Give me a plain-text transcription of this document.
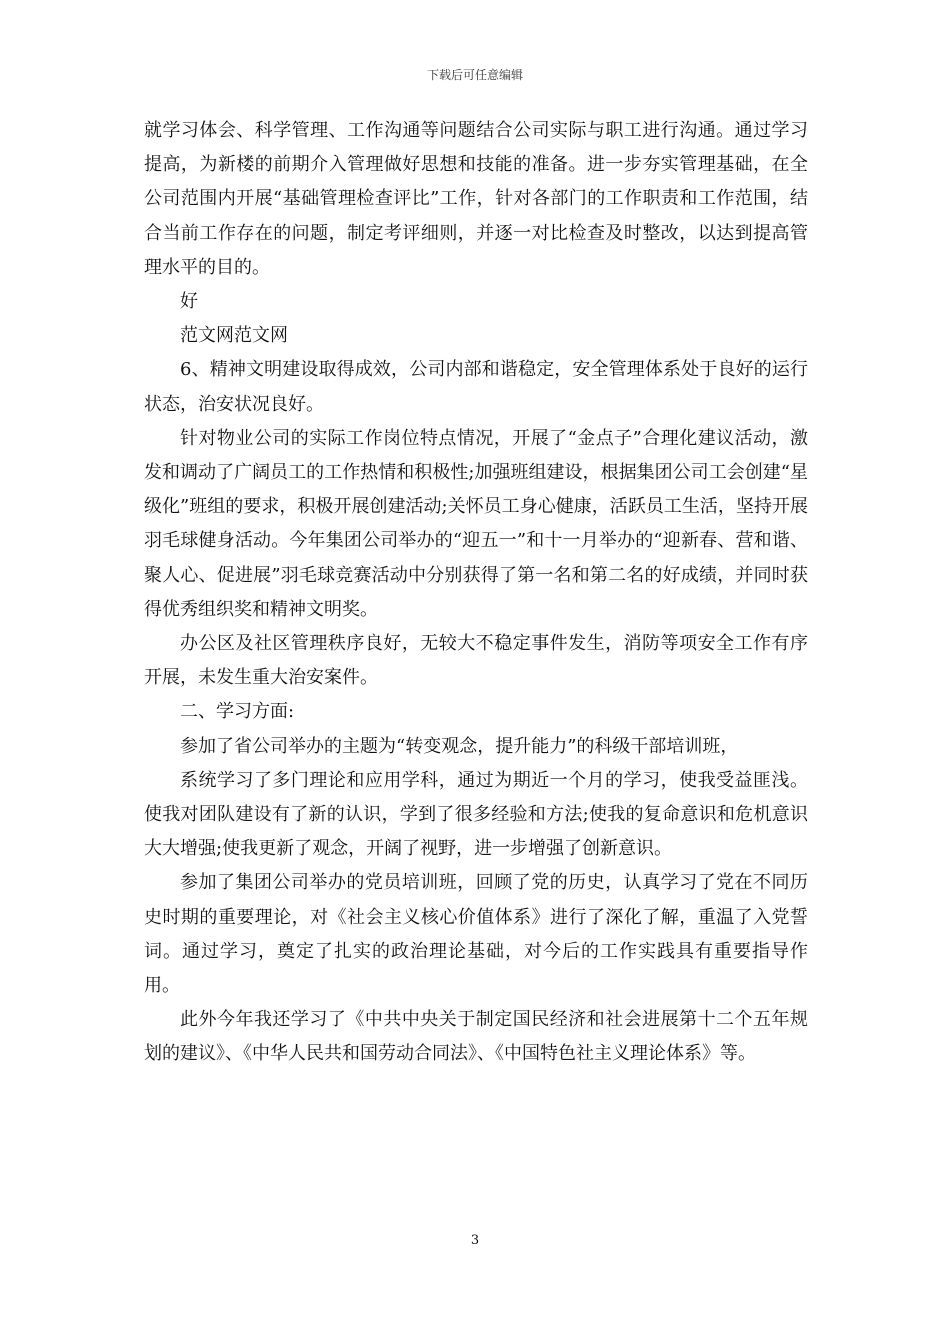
下载后可任意编辑

就学习体会、科学管理、工作沟通等问题结合公司实际与职工进行沟通。通过学习提高，为新楼的前期介入管理做好思想和技能的准备。进一步夯实管理基础，在全公司范围内开展“基础管理检查评比”工作，针对各部门的工作职责和工作范围，结合当前工作存在的问题，制定考评细则，并逐一对比检查及时整改，以达到提高管理水平的目的。

好

范文网范文网

6、精神文明建设取得成效，公司内部和谐稳定，安全管理体系处于良好的运行状态，治安状况良好。

针对物业公司的实际工作岗位特点情况，开展了“金点子”合理化建议活动，激发和调动了广阔员工的工作热情和积极性;加强班组建设，根据集团公司工会创建“星级化”班组的要求，积极开展创建活动;关怀员工身心健康，活跃员工生活，坚持开展羽毛球健身活动。今年集团公司举办的“迎五一”和十一月举办的“迎新春、营和谐、聚人心、促进展”羽毛球竞赛活动中分别获得了第一名和第二名的好成绩，并同时获得优秀组织奖和精神文明奖。

办公区及社区管理秩序良好，无较大不稳定事件发生，消防等项安全工作有序开展，未发生重大治安案件。

二、学习方面:

参加了省公司举办的主题为“转变观念，提升能力”的科级干部培训班，

系统学习了多门理论和应用学科，通过为期近一个月的学习，使我受益匪浅。使我对团队建设有了新的认识，学到了很多经验和方法;使我的复命意识和危机意识大大增强;使我更新了观念，开阔了视野，进一步增强了创新意识。

参加了集团公司举办的党员培训班，回顾了党的历史，认真学习了党在不同历史时期的重要理论，对《社会主义核心价值体系》进行了深化了解，重温了入党誓词。通过学习，奠定了扎实的政治理论基础，对今后的工作实践具有重要指导作用。

此外今年我还学习了《中共中央关于制定国民经济和社会进展第十二个五年规划的建议》、《中华人民共和国劳动合同法》、《中国特色社主义理论体系》等。

3
